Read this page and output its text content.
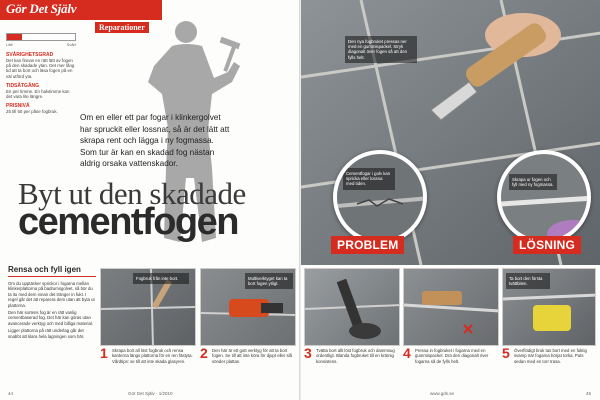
Gör Det Själv
Reparationer
Lätt	Svårt
SVÅRIGHETSGRAD
Det kan finnas en rätt lätt av fogen på den skadade ytan. Det mer lång tid att ta bort och läsa fogen på en väl utförd yta.
TIDSÅTGÅNG
En per timme. En halvtimme kan det vara lite längre.
PRISNIVÅ
25 till 50 per påse fogbruk.
Om en eller ett par fogar i klinkergolvet har spruckit eller lossnat, så är det lätt att skrapa rent och lägga i ny fogmassa. Som tur är kan en skadad fog nästan aldrig orsaka vattenskador.
Byt ut den skadade
cementfogen
Rensa och fyll igen

Om du upptäcker sprickor i fogarna mellan klinkerplattorna på badrumsgolvet, så bör du ta itu med dem innan det tränger in fukt. I regel går det att reparera dem utan att byta ut plattorna.

Den här sortens fog är en rätt vanlig cementbaserad fog. Det här kan göras utan avancerade verktyg och med billiga material.

Ligger plattorna på rätt underlag går det snabbt att klara hela lagningen som här.

Fogbruk från inte bort.
1 Skrapa bort all löst fogbruk och rensa kanterna längs plattorna för en ren fästyta. Vårdtips: se till att inte skada glasyren.
Multiverktyget kan ta bort fogen ytligt.
2 Den här är ett gott verktyg för att ta bort fogen. Se till att inte köra för djupt eller slå sönder plattan.
44	Gör Det Själv · 1/2010
Den nya fogbruket pressas ner med en gummispackel. Stryk diagonalt över fogen så att den fylls helt.
Cementfogar i golv kan spricka eller lossna med tiden.
PROBLEM
Skrapa ur fogen och fyll med ny fogmassa.
LÖSNING
3 Tvätta bort allt löst fogbruk och dammsug ordentligt. Blanda fogbruket till en krämig konsistens.
4 Pressa in fogbruket i fogarna med en gummispackel. Dra den diagonalt över fogarna så de fylls helt.
Ta bort den första tvättbiten.
5 Överflödigt bruk tas bort med en fuktig svamp när fogarna börjat torka. Puts sedan med en torr trasa.
www.gds.se	45
